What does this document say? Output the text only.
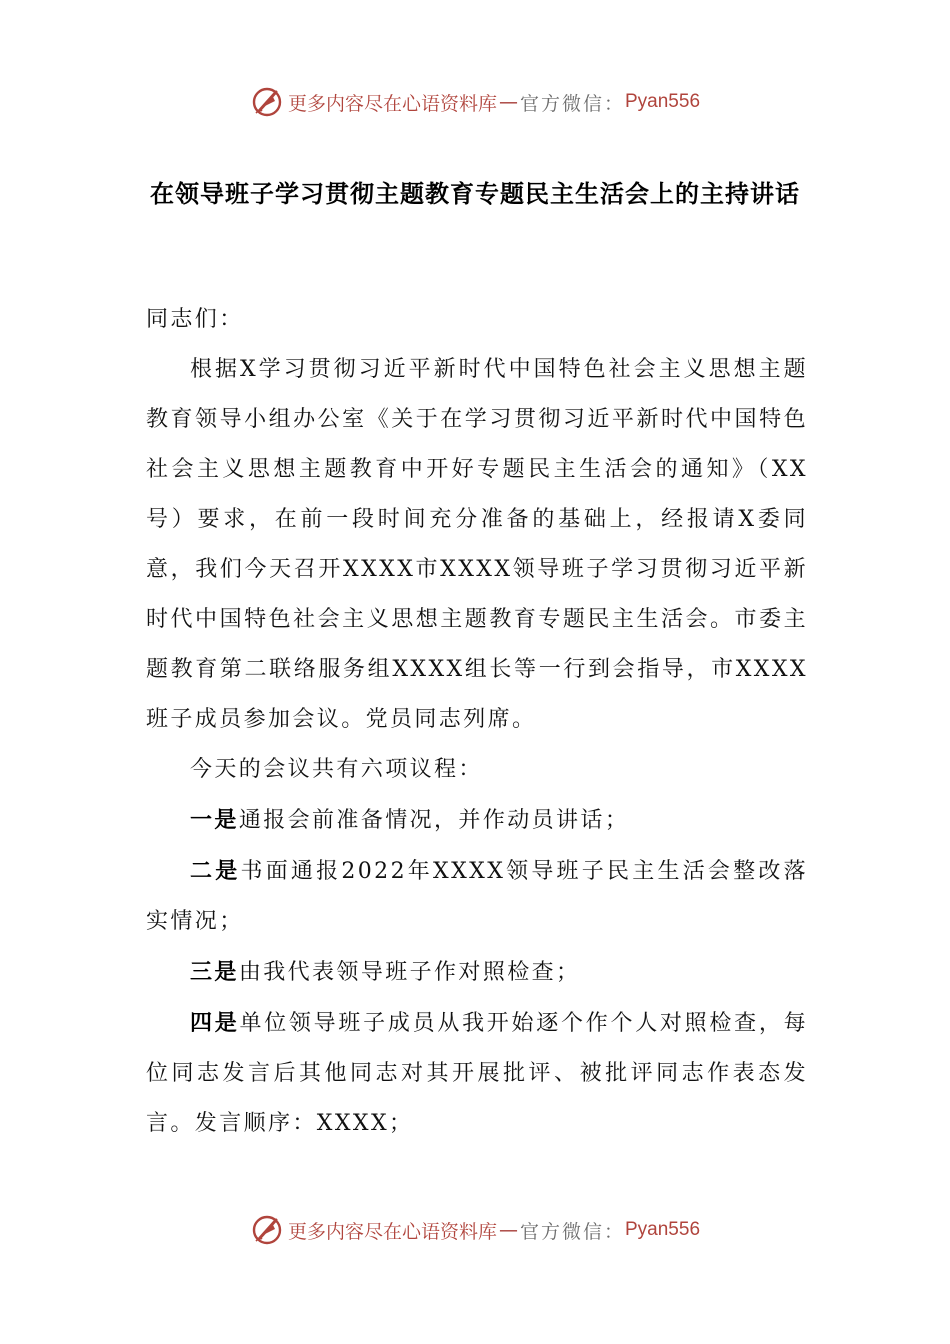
更多内容尽在心语资料库 — 官方微信： Pyan556
在领导班子学习贯彻主题教育专题民主生活会上的主持讲话

同志们：

根据X学习贯彻习近平新时代中国特色社会主义思想主题教育领导小组办公室《关于在学习贯彻习近平新时代中国特色社会主义思想主题教育中开好专题民主生活会的通知》（XX号）要求，在前一段时间充分准备的基础上，经报请X委同意，我们今天召开XXXX市XXXX领导班子学习贯彻习近平新时代中国特色社会主义思想主题教育专题民主生活会。市委主题教育第二联络服务组XXXX组长等一行到会指导，市XXXX班子成员参加会议。党员同志列席。

今天的会议共有六项议程：

一是通报会前准备情况，并作动员讲话；

二是书面通报2022年XXXX领导班子民主生活会整改落实情况；

三是由我代表领导班子作对照检查；

四是单位领导班子成员从我开始逐个作个人对照检查，每位同志发言后其他同志对其开展批评、被批评同志作表态发言。发言顺序：XXXX；

更多内容尽在心语资料库 — 官方微信： Pyan556
